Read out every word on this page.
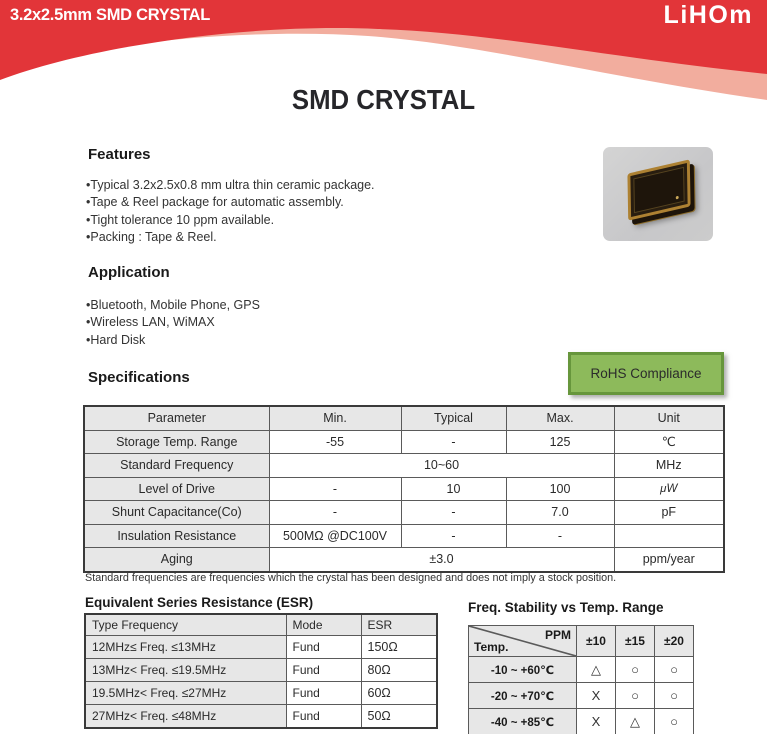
3.2x2.5mm SMD CRYSTAL	LiHOm
SMD CRYSTAL
Features
•Typical 3.2x2.5x0.8 mm ultra thin ceramic package.
•Tape & Reel package for automatic assembly.
•Tight tolerance 10 ppm available.
•Packing : Tape & Reel.
Application
•Bluetooth, Mobile Phone, GPS
•Wireless LAN, WiMAX
•Hard Disk
Specifications	RoHS Compliance
Parameter	Min.	Typical	Max.	Unit
Storage Temp. Range	-55	-	125	℃
Standard Frequency	10~60			MHz
Level of Drive	-	10	100	μW
Shunt Capacitance(Co)	-	-	7.0	pF
Insulation Resistance	500MΩ @DC100V	-	-	
Aging	±3.0			ppm/year
Standard frequencies are frequencies which the crystal has been designed and does not imply a stock position.
Equivalent Series Resistance (ESR)
Type Frequency	Mode	ESR
12MHz≤ Freq. ≤13MHz	Fund	150Ω
13MHz< Freq. ≤19.5MHz	Fund	80Ω
19.5MHz< Freq. ≤27MHz	Fund	60Ω
27MHz< Freq. ≤48MHz	Fund	50Ω
Freq. Stability vs Temp. Range
PPM
Temp.	±10	±15	±20
-10 ~ +60℃	△	○	○
-20 ~ +70℃	X	○	○
-40 ~ +85℃	X	△	○
